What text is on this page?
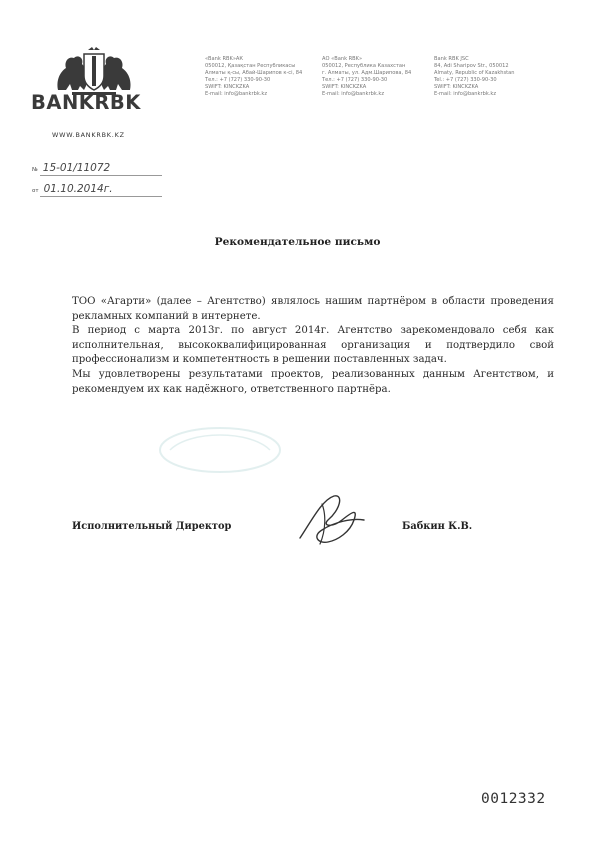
BANKRBK
WWW.BANKRBK.KZ
«Bank RBK»АК
050012, Қазақстан Республикасы
Алматы қ-сы, Абай-Шарипов к-сі, 84
Тел.: +7 (727) 330-90-30
SWIFT: KINCKZKA
E-mail: info@bankrbk.kz
АО «Bank RBK»
050012, Республика Казахстан
г. Алматы, ул. Адм.Шарипова, 84
Тел.: +7 (727) 330-90-30
SWIFT: KINCKZKA
E-mail: info@bankrbk.kz
Bank RBK JSC
84, Adi Sharipov Str., 050012
Almaty, Republic of Kazakhstan
Tel.: +7 (727) 330-90-30
SWIFT: KINCKZKA
E-mail: info@bankrbk.kz
№ 15-01/11072
от 01.10.2014г.
Рекомендательное письмо

ТОО «Агарти» (далее – Агентство) являлось нашим партнёром в области проведения рекламных компаний в интернете.

В период с марта 2013г. по август 2014г. Агентство зарекомендовало себя как исполнительная, высококвалифицированная организация и подтвердило свой профессионализм и компетентность в решении поставленных задач.

Мы удовлетворены результатами проектов, реализованных данным Агентством, и рекомендуем их как надёжного, ответственного партнёра.

Исполнительный Директор	Бабкин К.В.
0012332
